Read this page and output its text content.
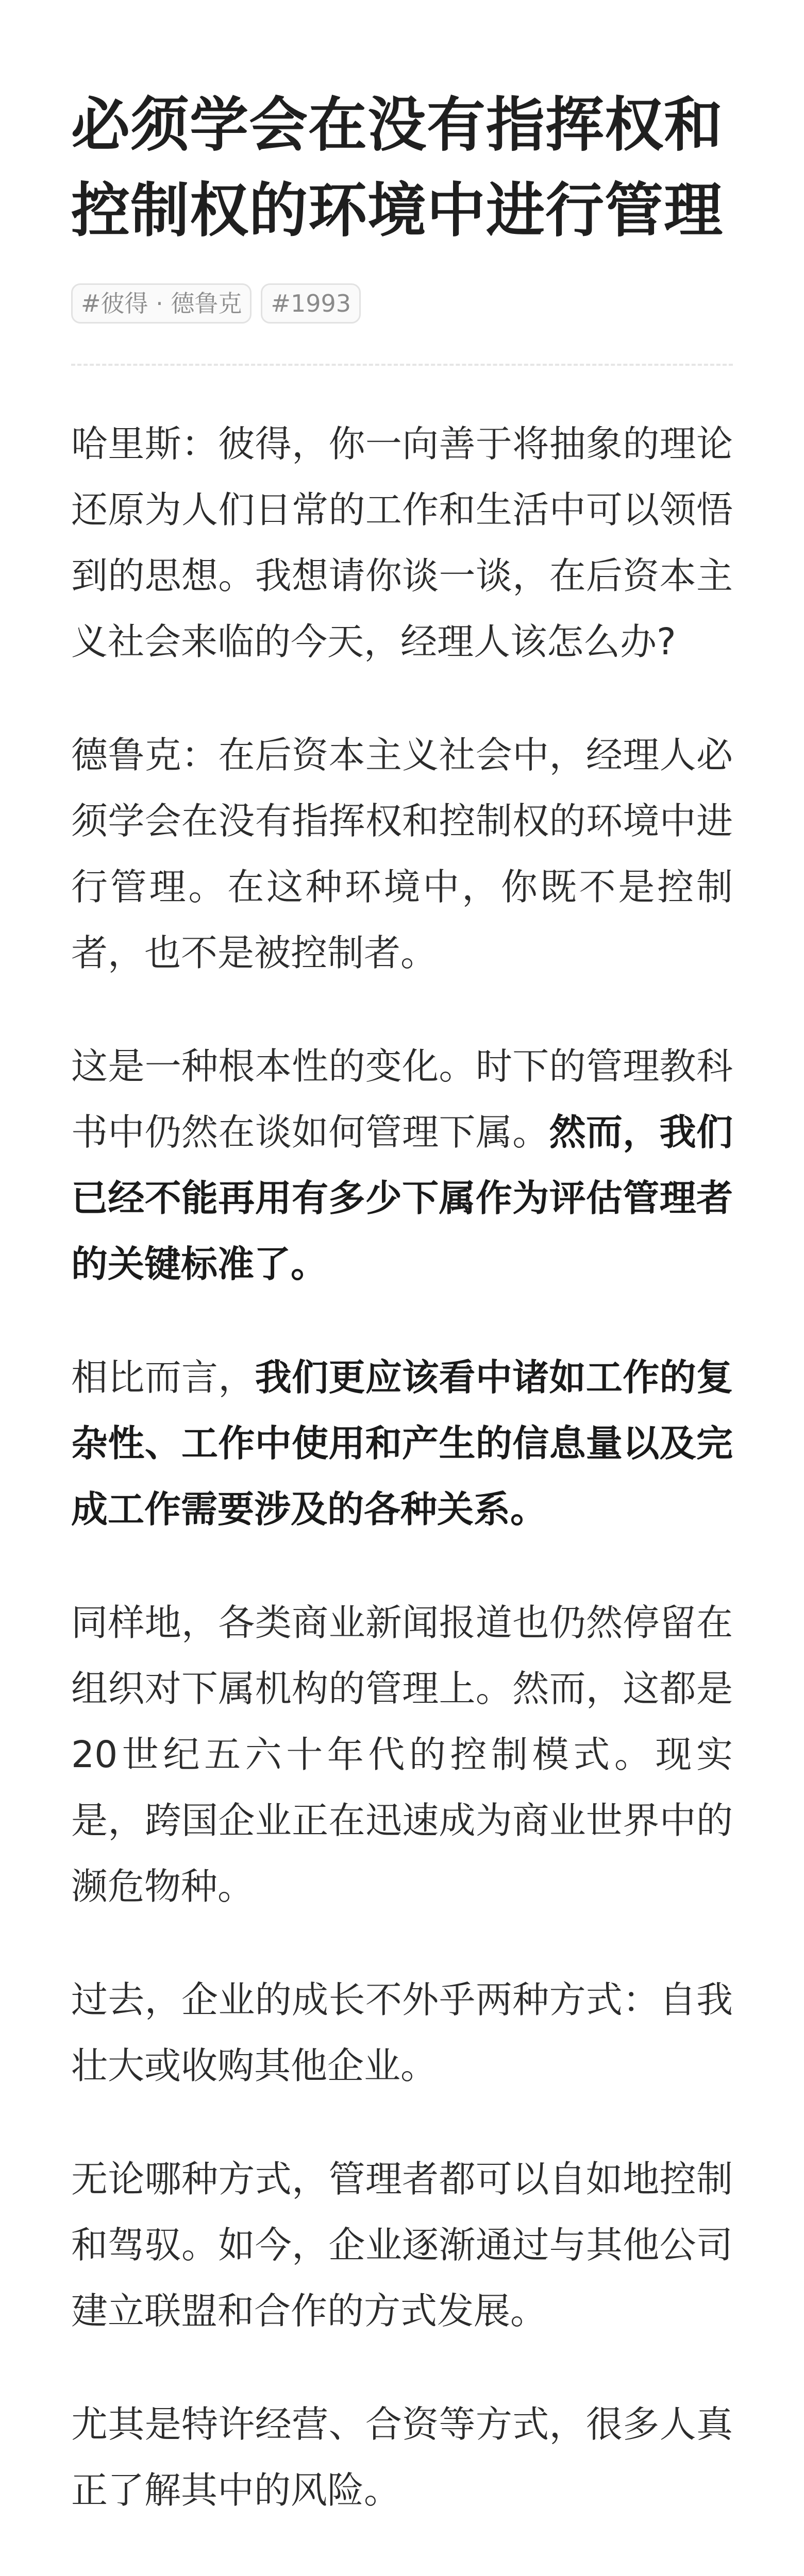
必须学会在没有指挥权和控制权的环境中进行管理
#彼得 · 德鲁克	#1993

哈里斯：彼得，你一向善于将抽象的理论还原为人们日常的工作和生活中可以领悟到的思想。我想请你谈一谈，在后资本主义社会来临的今天，经理人该怎么办?

德鲁克：在后资本主义社会中，经理人必须学会在没有指挥权和控制权的环境中进行管理。在这种环境中，你既不是控制者，也不是被控制者。

这是一种根本性的变化。时下的管理教科书中仍然在谈如何管理下属。然而，我们已经不能再用有多少下属作为评估管理者的关键标准了。

相比而言，我们更应该看中诸如工作的复杂性、工作中使用和产生的信息量以及完成工作需要涉及的各种关系。

同样地，各类商业新闻报道也仍然停留在组织对下属机构的管理上。然而，这都是20世纪五六十年代的控制模式。现实是，跨国企业正在迅速成为商业世界中的濒危物种。

过去，企业的成长不外乎两种方式：自我壮大或收购其他企业。

无论哪种方式，管理者都可以自如地控制和驾驭。如今，企业逐渐通过与其他公司建立联盟和合作的方式发展。

尤其是特许经营、合资等方式，很多人真正了解其中的风险。
